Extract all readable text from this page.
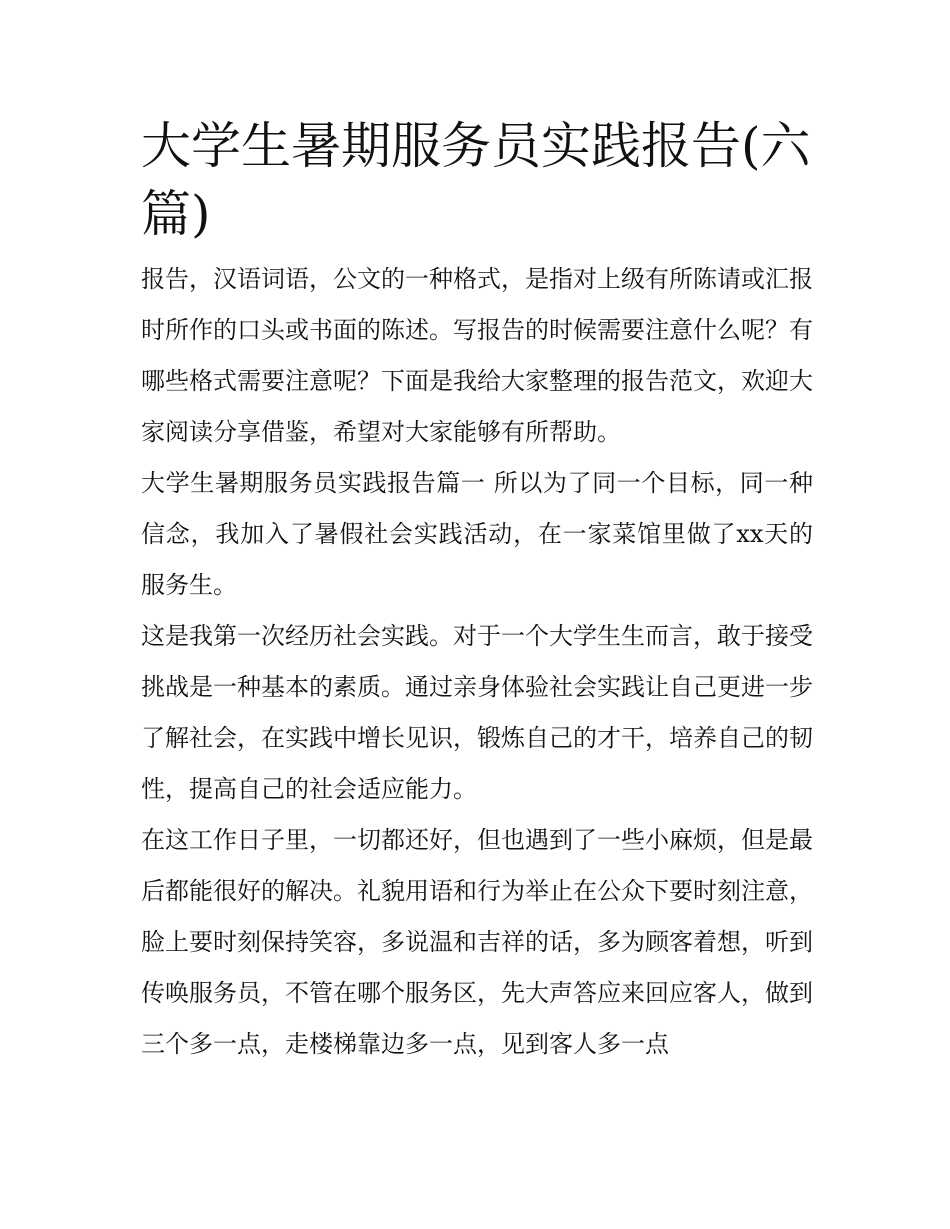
大学生暑期服务员实践报告(六篇)

报告，汉语词语，公文的一种格式，是指对上级有所陈请或汇报时所作的口头或书面的陈述。写报告的时候需要注意什么呢？有哪些格式需要注意呢？下面是我给大家整理的报告范文，欢迎大家阅读分享借鉴，希望对大家能够有所帮助。

大学生暑期服务员实践报告篇一 所以为了同一个目标，同一种信念，我加入了暑假社会实践活动，在一家菜馆里做了xx天的服务生。

这是我第一次经历社会实践。对于一个大学生生而言，敢于接受挑战是一种基本的素质。通过亲身体验社会实践让自己更进一步了解社会，在实践中增长见识，锻炼自己的才干，培养自己的韧性，提高自己的社会适应能力。

在这工作日子里，一切都还好，但也遇到了一些小麻烦，但是最后都能很好的解决。礼貌用语和行为举止在公众下要时刻注意，脸上要时刻保持笑容，多说温和吉祥的话，多为顾客着想，听到传唤服务员，不管在哪个服务区，先大声答应来回应客人，做到三个多一点，走楼梯靠边多一点，见到客人多一点
